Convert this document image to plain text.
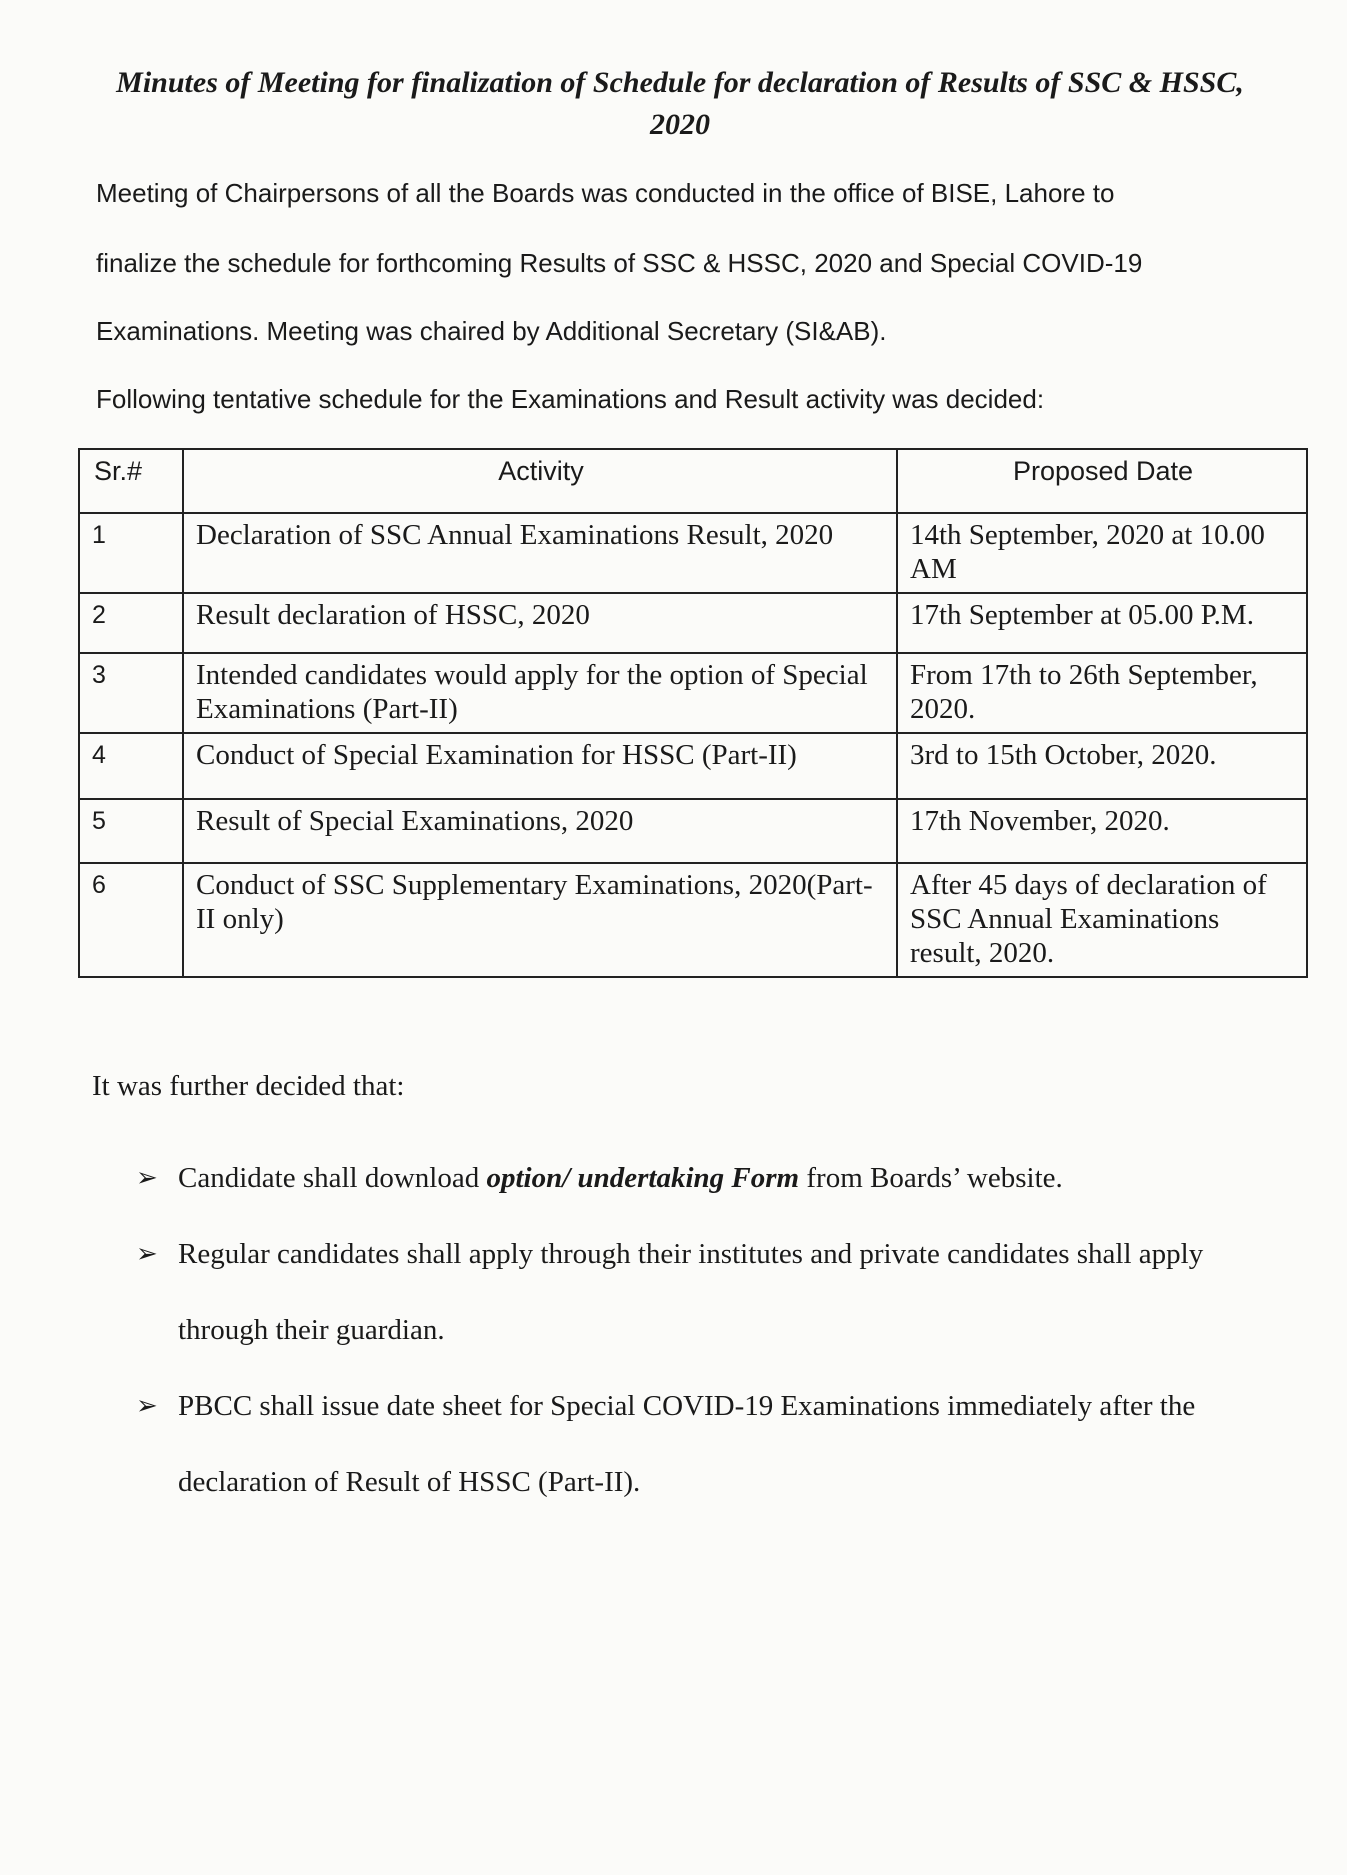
Minutes of Meeting for finalization of Schedule for declaration of Results of SSC & HSSC, 2020
Meeting of Chairpersons of all the Boards was conducted in the office of BISE, Lahore to
finalize the schedule for forthcoming Results of SSC & HSSC, 2020 and Special COVID-19
Examinations. Meeting was chaired by Additional Secretary (SI&AB).
Following tentative schedule for the Examinations and Result activity was decided:
Sr.#	Activity	Proposed Date
1	Declaration of SSC Annual Examinations Result, 2020	14th September, 2020 at 10.00 AM
2	Result declaration of HSSC, 2020	17th September at 05.00 P.M.
3	Intended candidates would apply for the option of Special Examinations (Part-II)	From 17th to 26th September, 2020.
4	Conduct of Special Examination for HSSC (Part-II)	3rd to 15th October, 2020.
5	Result of Special Examinations, 2020	17th November, 2020.
6	Conduct of SSC Supplementary Examinations, 2020(Part-II only)	After 45 days of declaration of SSC Annual Examinations result, 2020.
It was further decided that:
➢ Candidate shall download option/ undertaking Form from Boards’ website.
➢ Regular candidates shall apply through their institutes and private candidates shall apply through their guardian.
➢ PBCC shall issue date sheet for Special COVID-19 Examinations immediately after the declaration of Result of HSSC (Part-II).
